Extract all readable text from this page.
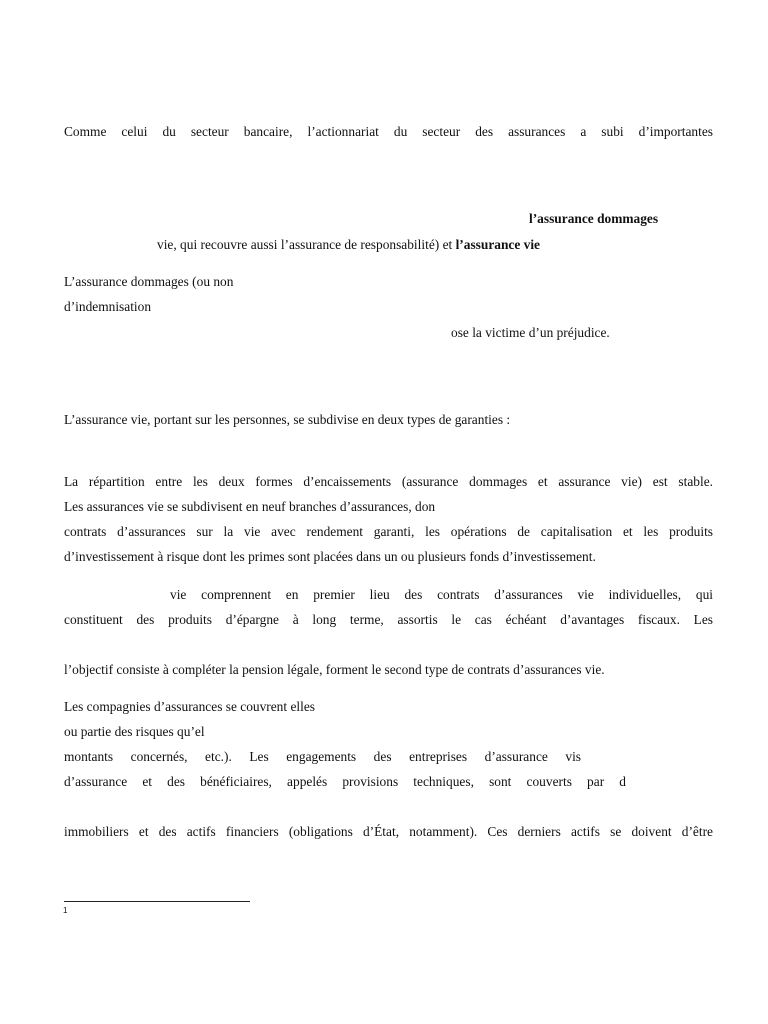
Comme celui du secteur bancaire, l’actionnariat du secteur des assurances a subi d’importantes
l’assurance dommages
vie, qui recouvre aussi l’assurance de responsabilité) et l’assurance vie
L’assurance dommages (ou non
d’indemnisation
ose la victime d’un préjudice.
L’assurance vie, portant sur les personnes, se subdivise en deux types de garanties :
La répartition entre les deux formes d’encaissements (assurance dommages et assurance vie) est stable.
Les assurances vie se subdivisent en neuf branches d’assurances, don
contrats d’assurances sur la vie avec rendement garanti, les opérations de capitalisation et les produits
d’investissement à risque dont les primes sont placées dans un ou plusieurs fonds d’investissement.
vie comprennent en premier lieu des contrats d’assurances vie individuelles, qui
constituent des produits d’épargne à long terme, assortis le cas échéant d’avantages fiscaux. Les
l’objectif consiste à compléter la pension légale, forment le second type de contrats d’assurances vie.
Les compagnies d’assurances se couvrent elles
ou partie des risques qu’el
montants concernés, etc.). Les engagements des entreprises d’assurance vis
d’assurance et des bénéficiaires, appelés provisions techniques, sont couverts par d
immobiliers et des actifs financiers (obligations d’État, notamment). Ces derniers actifs se doivent d’être
1
